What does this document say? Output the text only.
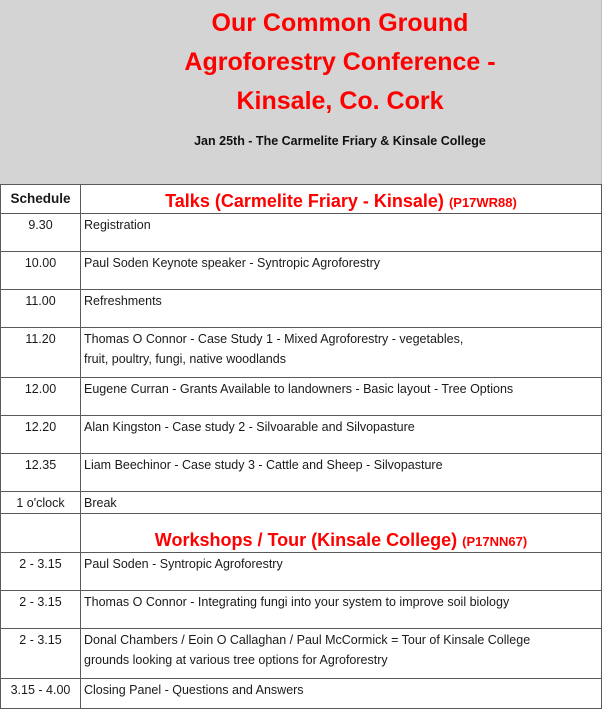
Our Common Ground
Agroforestry Conference -
Kinsale, Co. Cork
Jan 25th - The Carmelite Friary & Kinsale College
Schedule	Talks (Carmelite Friary - Kinsale) (P17WR88)
9.30	Registration
10.00	Paul Soden Keynote speaker - Syntropic Agroforestry
11.00	Refreshments
11.20	Thomas O Connor - Case Study 1 - Mixed Agroforestry - vegetables,
fruit, poultry, fungi, native woodlands

12.00	Eugene Curran - Grants Available to landowners - Basic layout - Tree Options
12.20	Alan Kingston - Case study 2 - Silvoarable and Silvopasture
12.35	Liam Beechinor - Case study 3 - Cattle and Sheep - Silvopasture
1 o'clock	Break
	Workshops / Tour (Kinsale College) (P17NN67)
2 - 3.15	Paul Soden - Syntropic Agroforestry
2 - 3.15	Thomas O Connor - Integrating fungi into your system to improve soil biology
2 - 3.15	Donal Chambers / Eoin O Callaghan / Paul McCormick = Tour of Kinsale College
grounds looking at various tree options for Agroforestry

3.15 - 4.00	Closing Panel - Questions and Answers
